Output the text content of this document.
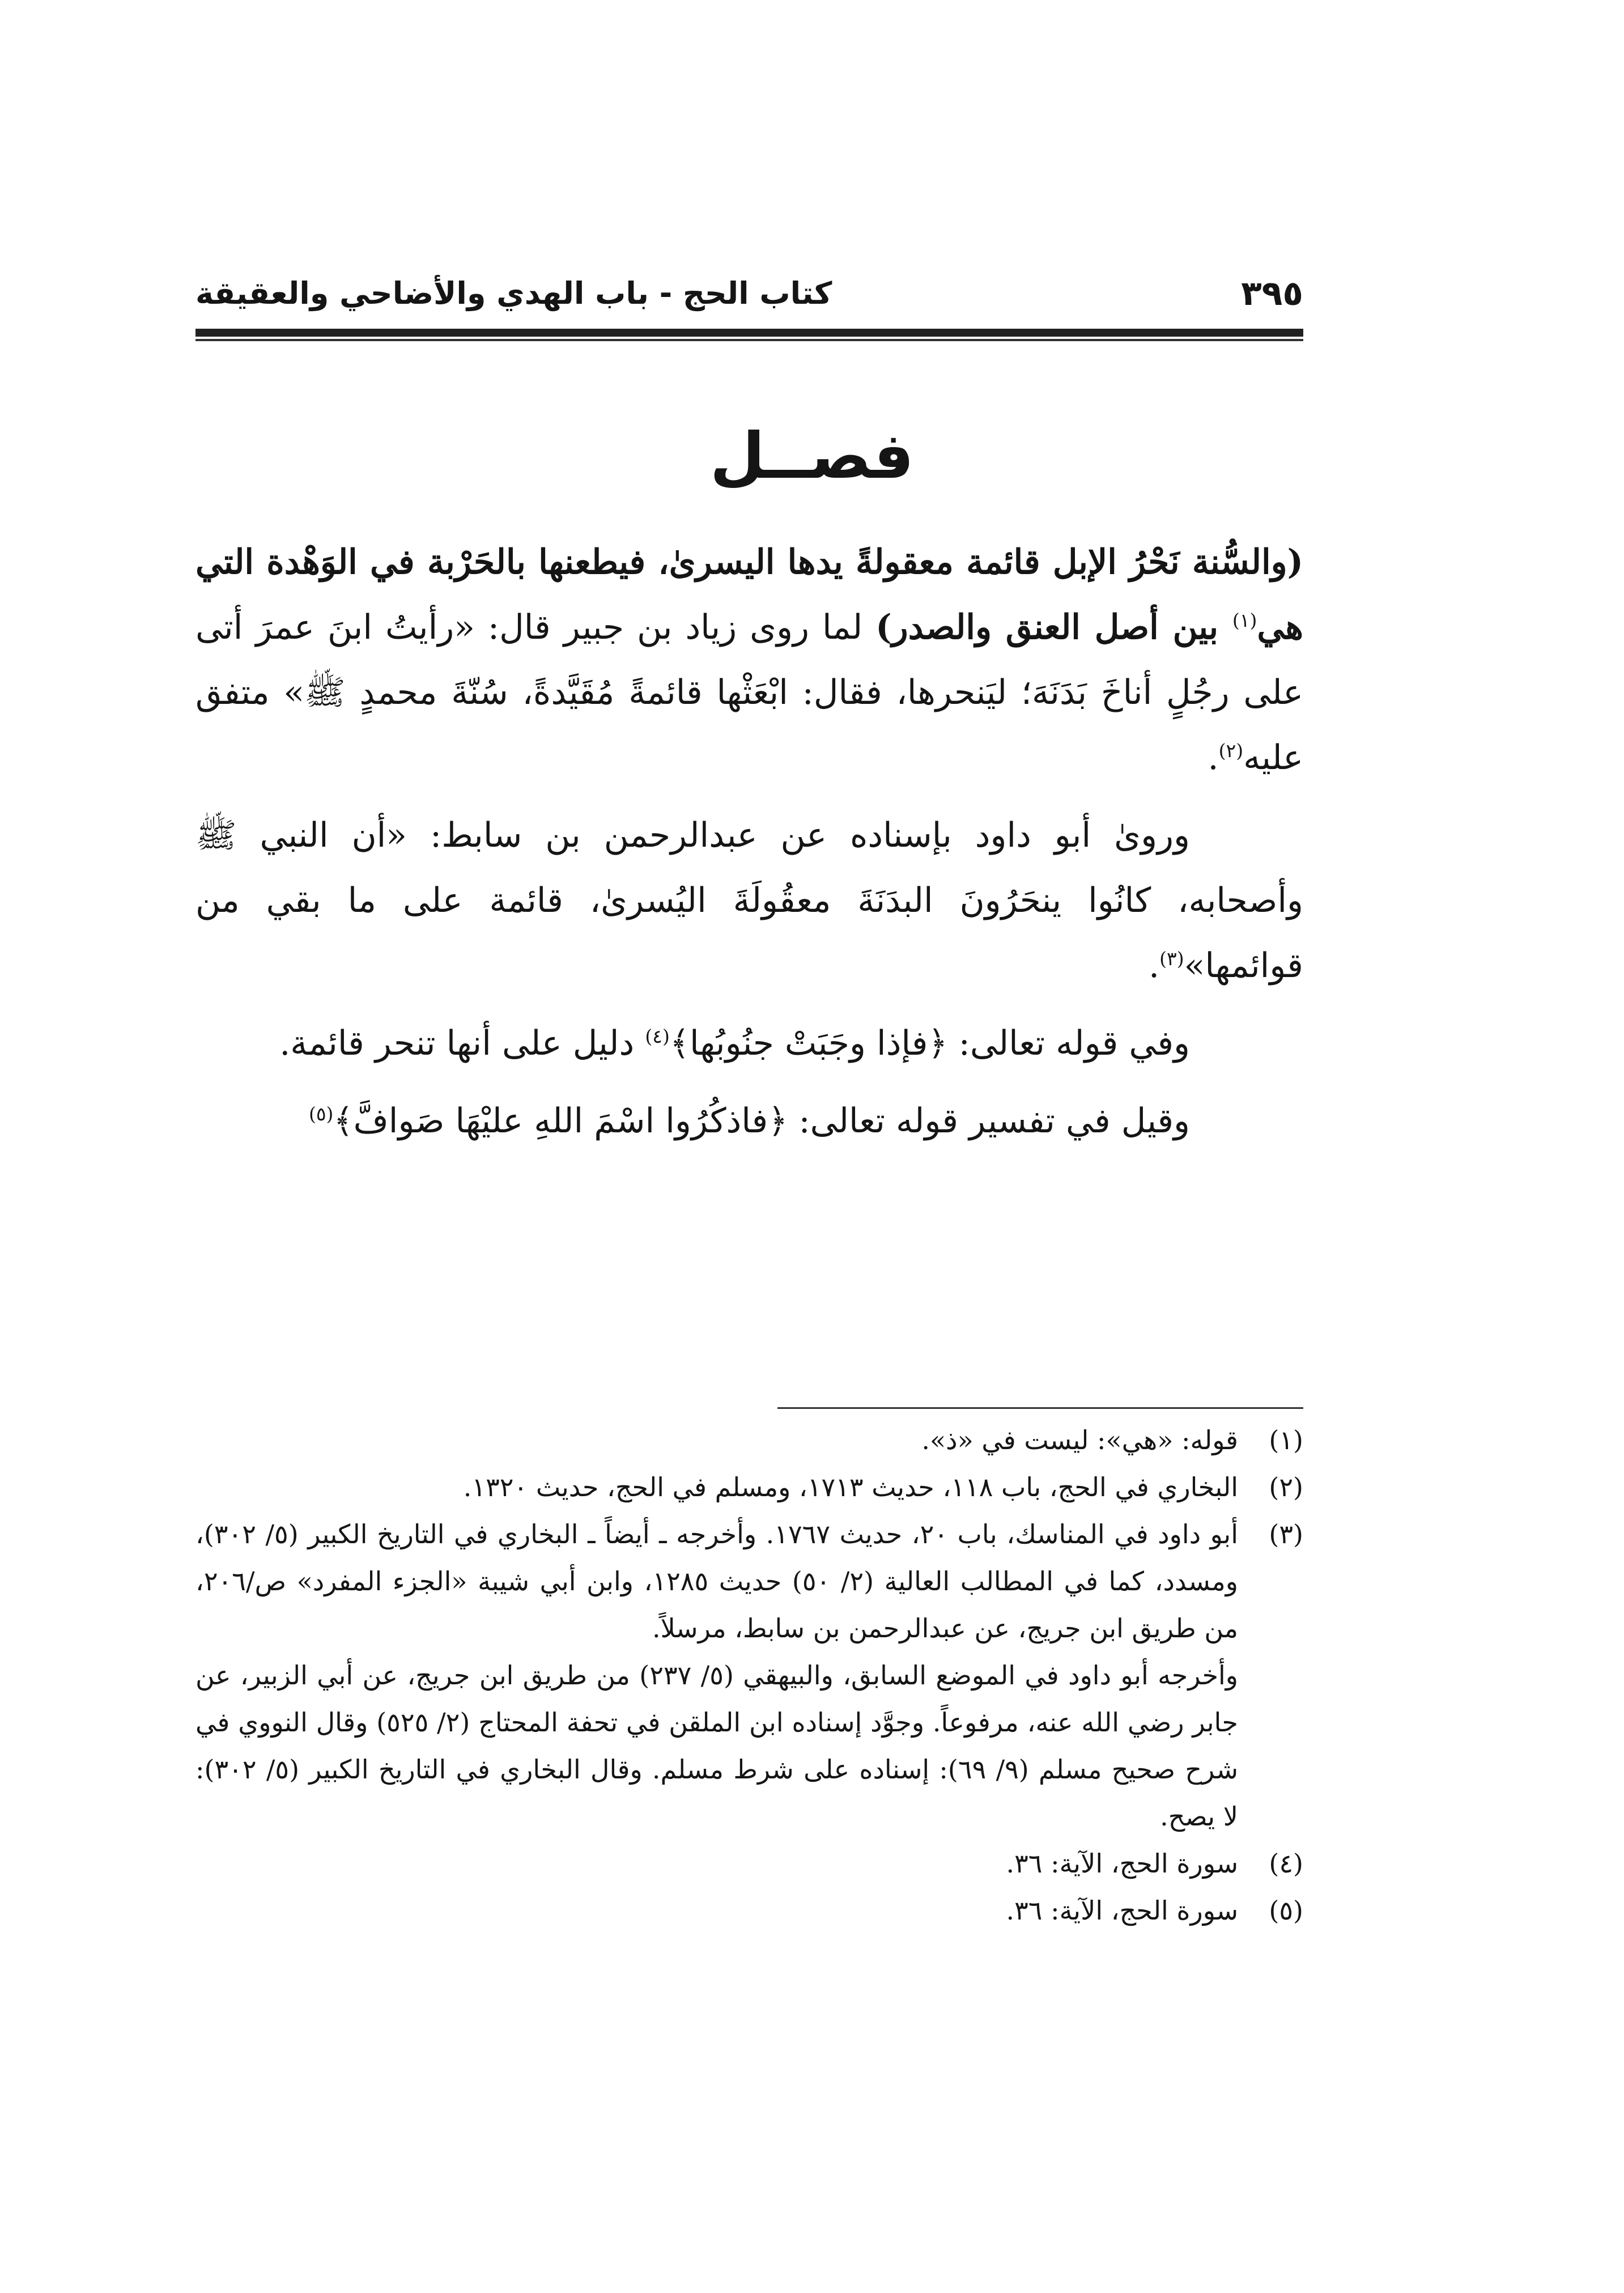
كتاب الحج - باب الهدي والأضاحي والعقيقة	٣٩٥
فصــل

(والسُّنة نَحْرُ الإبل قائمة معقولةً يدها اليسرىٰ، فيطعنها بالحَرْبة في الوَهْدة التي هي$^{(١)}$ بين أصل العنق والصدر) لما روى زياد بن جبير قال: «رأيتُ ابنَ عمرَ أتى على رجُلٍ أناخَ بَدَنَهَ؛ ليَنحرها، فقال: ابْعَثْها قائمةً مُقَيَّدةً، سُنّةَ محمدٍ ﷺ» متفق عليه$^{(٢)}$.

وروىٰ أبو داود بإسناده عن عبدالرحمن بن سابط: «أن النبي ﷺ وأصحابه، كانُوا ينحَرُونَ البدَنَةَ معقُولَةَ اليُسرىٰ، قائمة على ما بقي من قوائمها»$^{(٣)}$.

وفي قوله تعالى: ﴿فإذا وجَبَتْ جنُوبُها﴾$^{(٤)}$ دليل على أنها تنحر قائمة.

وقيل في تفسير قوله تعالى: ﴿فاذكُرُوا اسْمَ اللهِ عليْهَا صَوافَّ﴾$^{(٥)}$

(١)
قوله: «هي»: ليست في «ذ».
(٢)
البخاري في الحج، باب ١١٨، حديث ١٧١٣، ومسلم في الحج، حديث ١٣٢٠.
(٣)
أبو داود في المناسك، باب ٢٠، حديث ١٧٦٧. وأخرجه ـ أيضاً ـ البخاري في التاريخ الكبير (٥/ ٣٠٢)، ومسدد، كما في المطالب العالية (٢/ ٥٠) حديث ١٢٨٥، وابن أبي شيبة «الجزء المفرد» ص/٢٠٦، من طريق ابن جريج، عن عبدالرحمن بن سابط، مرسلاً.
وأخرجه أبو داود في الموضع السابق، والبيهقي (٥/ ٢٣٧) من طريق ابن جريج، عن أبي الزبير، عن جابر رضي الله عنه، مرفوعاً. وجوَّد إسناده ابن الملقن في تحفة المحتاج (٢/ ٥٢٥) وقال النووي في شرح صحيح مسلم (٩/ ٦٩): إسناده على شرط مسلم. وقال البخاري في التاريخ الكبير (٥/ ٣٠٢): لا يصح.
(٤)
سورة الحج، الآية: ٣٦.
(٥)
سورة الحج، الآية: ٣٦.
